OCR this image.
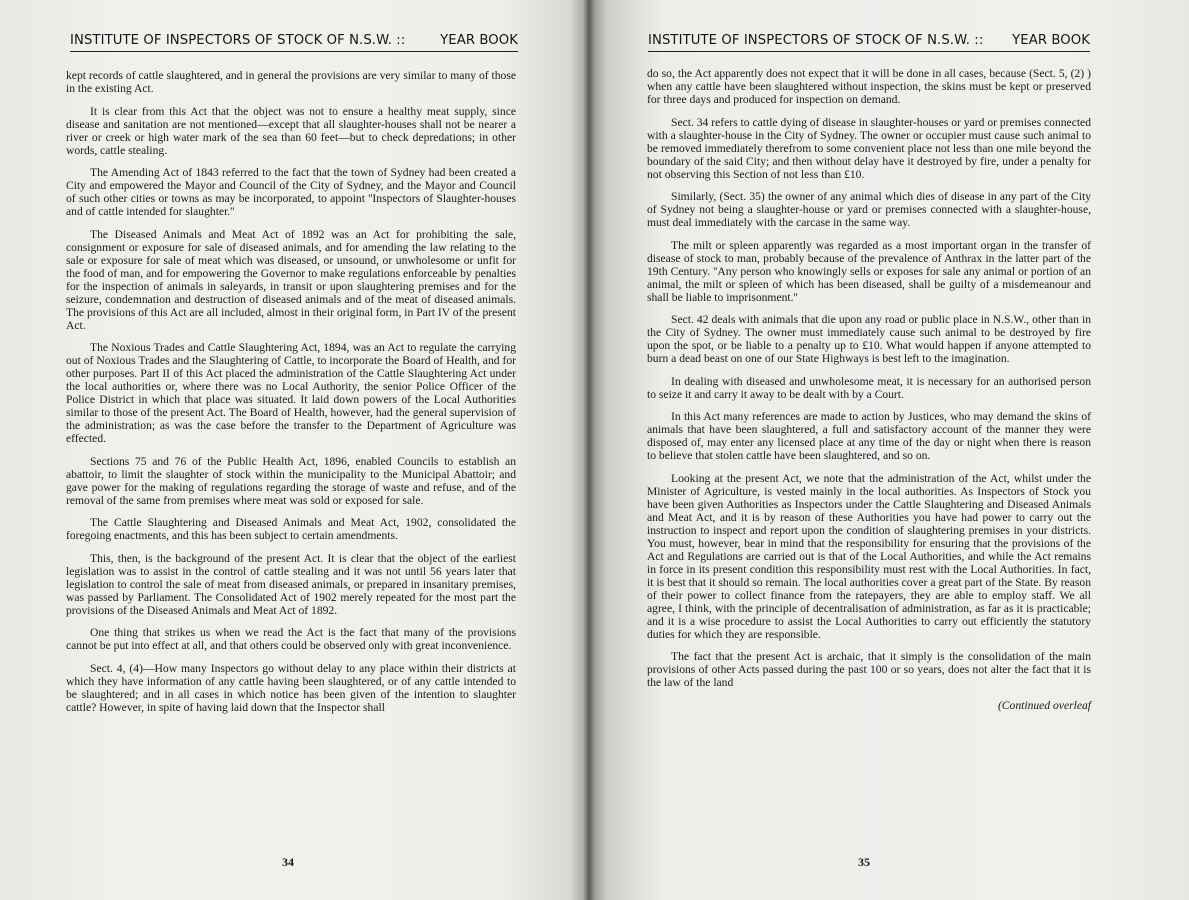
INSTITUTE OF INSPECTORS OF STOCK OF N.S.W. ::	YEAR BOOK

kept records of cattle slaughtered, and in general the provisions are very similar to many of those in the existing Act.

It is clear from this Act that the object was not to ensure a healthy meat supply, since disease and sanitation are not mentioned—except that all slaughter-houses shall not be nearer a river or creek or high water mark of the sea than 60 feet—but to check depredations; in other words, cattle stealing.

The Amending Act of 1843 referred to the fact that the town of Sydney had been created a City and empowered the Mayor and Council of the City of Sydney, and the Mayor and Council of such other cities or towns as may be incorporated, to appoint ''Inspectors of Slaughter-houses and of cattle intended for slaughter.''

The Diseased Animals and Meat Act of 1892 was an Act for prohibiting the sale, consignment or exposure for sale of diseased animals, and for amending the law relating to the sale or exposure for sale of meat which was diseased, or unsound, or unwholesome or unfit for the food of man, and for empowering the Governor to make regulations enforceable by penalties for the inspection of animals in saleyards, in transit or upon slaughtering premises and for the seizure, condemnation and destruction of diseased animals and of the meat of diseased animals. The provisions of this Act are all included, almost in their original form, in Part IV of the present Act.

The Noxious Trades and Cattle Slaughtering Act, 1894, was an Act to regulate the carrying out of Noxious Trades and the Slaughtering of Cattle, to incorporate the Board of Health, and for other purposes. Part II of this Act placed the administration of the Cattle Slaughtering Act under the local authorities or, where there was no Local Authority, the senior Police Officer of the Police District in which that place was situated. It laid down powers of the Local Authorities similar to those of the present Act. The Board of Health, however, had the general supervision of the administration; as was the case before the transfer to the Department of Agriculture was effected.

Sections 75 and 76 of the Public Health Act, 1896, enabled Councils to establish an abattoir, to limit the slaughter of stock within the municipality to the Municipal Abattoir; and gave power for the making of regulations regarding the storage of waste and refuse, and of the removal of the same from premises where meat was sold or exposed for sale.

The Cattle Slaughtering and Diseased Animals and Meat Act, 1902, consolidated the foregoing enactments, and this has been subject to certain amendments.

This, then, is the background of the present Act. It is clear that the object of the earliest legislation was to assist in the control of cattle stealing and it was not until 56 years later that legislation to control the sale of meat from diseased animals, or prepared in insanitary premises, was passed by Parliament. The Consolidated Act of 1902 merely repeated for the most part the provisions of the Diseased Animals and Meat Act of 1892.

One thing that strikes us when we read the Act is the fact that many of the provisions cannot be put into effect at all, and that others could be observed only with great inconvenience.

Sect. 4, (4)—How many Inspectors go without delay to any place within their districts at which they have information of any cattle having been slaughtered, or of any cattle intended to be slaughtered; and in all cases in which notice has been given of the intention to slaughter cattle? However, in spite of having laid down that the Inspector shall

34
INSTITUTE OF INSPECTORS OF STOCK OF N.S.W. :: YEAR BOOK

do so, the Act apparently does not expect that it will be done in all cases, because (Sect. 5, (2) ) when any cattle have been slaughtered without inspection, the skins must be kept or preserved for three days and produced for inspection on demand.

Sect. 34 refers to cattle dying of disease in slaughter-houses or yard or premises connected with a slaughter-house in the City of Sydney. The owner or occupier must cause such animal to be removed immediately therefrom to some convenient place not less than one mile beyond the boundary of the said City; and then without delay have it destroyed by fire, under a penalty for not observing this Section of not less than £10.

Similarly, (Sect. 35) the owner of any animal which dies of disease in any part of the City of Sydney not being a slaughter-house or yard or premises connected with a slaughter-house, must deal immediately with the carcase in the same way.

The milt or spleen apparently was regarded as a most important organ in the transfer of disease of stock to man, probably because of the prevalence of Anthrax in the latter part of the 19th Century. ''Any person who knowingly sells or exposes for sale any animal or portion of an animal, the milt or spleen of which has been diseased, shall be guilty of a misdemeanour and shall be liable to imprisonment.''

Sect. 42 deals with animals that die upon any road or public place in N.S.W., other than in the City of Sydney. The owner must immediately cause such animal to be destroyed by fire upon the spot, or be liable to a penalty up to £10. What would happen if anyone attempted to burn a dead beast on one of our State Highways is best left to the imagination.

In dealing with diseased and unwholesome meat, it is necessary for an authorised person to seize it and carry it away to be dealt with by a Court.

In this Act many references are made to action by Justices, who may demand the skins of animals that have been slaughtered, a full and satisfactory account of the manner they were disposed of, may enter any licensed place at any time of the day or night when there is reason to believe that stolen cattle have been slaughtered, and so on.

Looking at the present Act, we note that the administration of the Act, whilst under the Minister of Agriculture, is vested mainly in the local authorities. As Inspectors of Stock you have been given Authorities as Inspectors under the Cattle Slaughtering and Diseased Animals and Meat Act, and it is by reason of these Authorities you have had power to carry out the instruction to inspect and report upon the condition of slaughtering premises in your districts. You must, however, bear in mind that the responsibility for ensuring that the provisions of the Act and Regulations are carried out is that of the Local Authorities, and while the Act remains in force in its present condition this responsibility must rest with the Local Authorities. In fact, it is best that it should so remain. The local authorities cover a great part of the State. By reason of their power to collect finance from the ratepayers, they are able to employ staff. We all agree, I think, with the principle of decentralisation of administration, as far as it is practicable; and it is a wise procedure to assist the Local Authorities to carry out efficiently the statutory duties for which they are responsible.

The fact that the present Act is archaic, that it simply is the consolidation of the main provisions of other Acts passed during the past 100 or so years, does not alter the fact that it is the law of the land

(Continued overleaf

35
